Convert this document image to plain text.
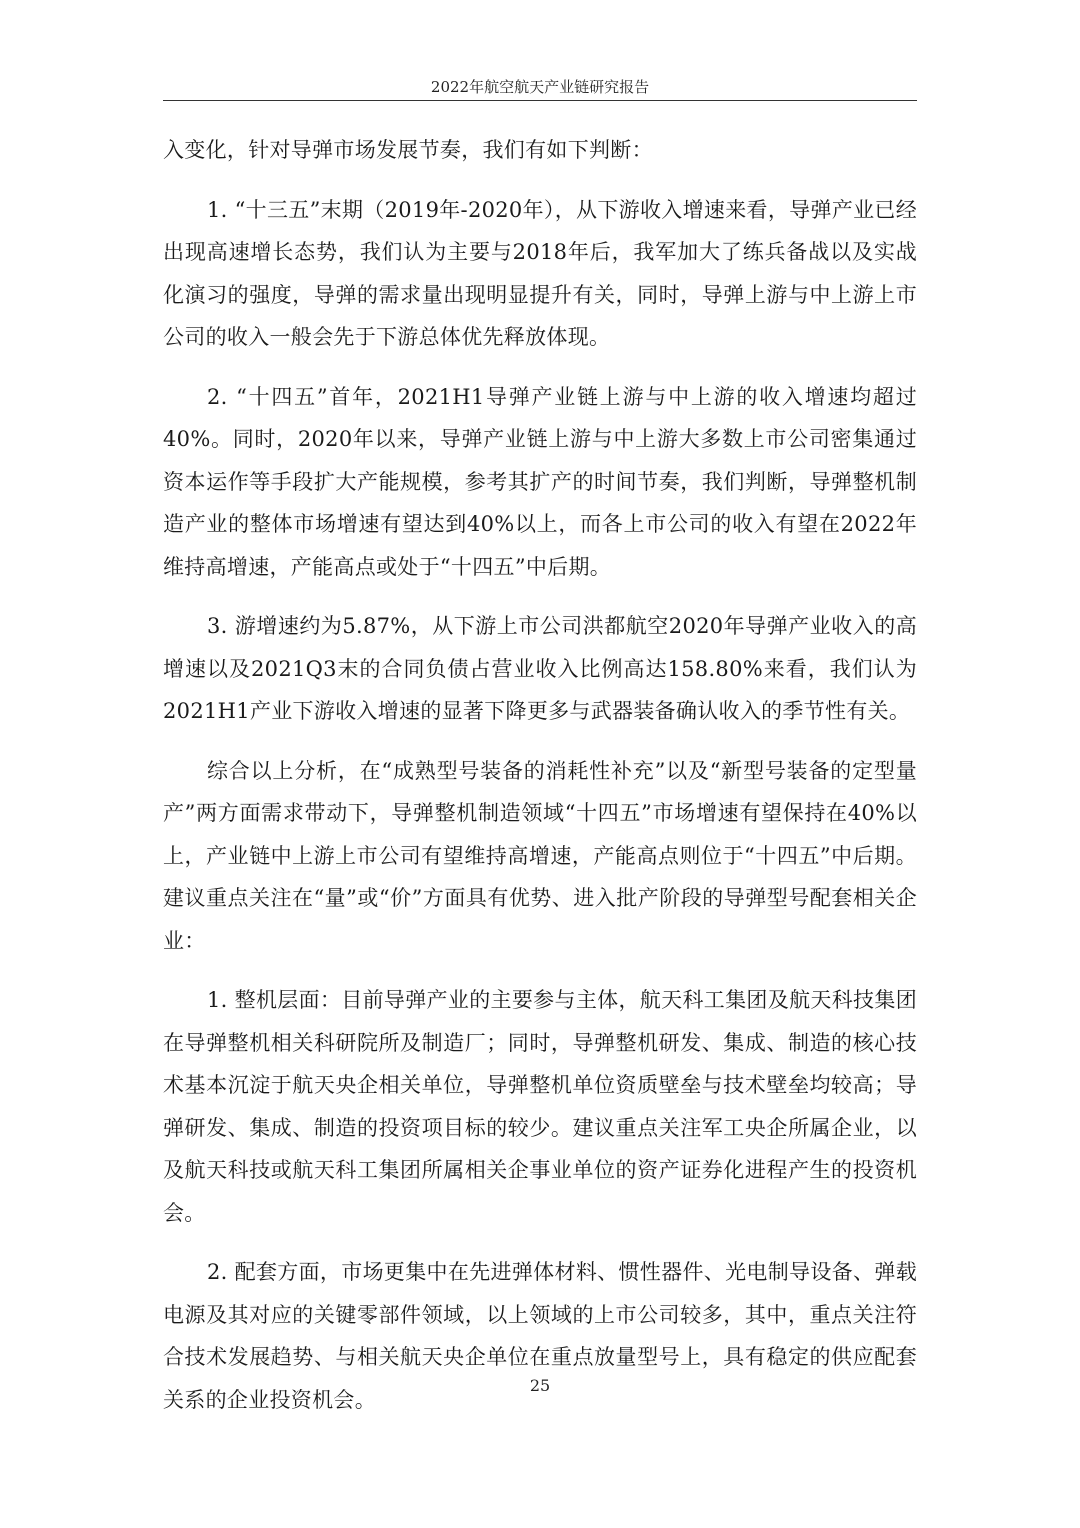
2022年航空航天产业链研究报告

入变化，针对导弹市场发展节奏，我们有如下判断：

1. “十三五”末期（2019年-2020年），从下游收入增速来看，导弹产业已经出现高速增长态势，我们认为主要与2018年后，我军加大了练兵备战以及实战化演习的强度，导弹的需求量出现明显提升有关，同时，导弹上游与中上游上市公司的收入一般会先于下游总体优先释放体现。

2. “十四五”首年，2021H1导弹产业链上游与中上游的收入增速均超过40%。同时，2020年以来，导弹产业链上游与中上游大多数上市公司密集通过资本运作等手段扩大产能规模，参考其扩产的时间节奏，我们判断，导弹整机制造产业的整体市场增速有望达到40%以上，而各上市公司的收入有望在2022年维持高增速，产能高点或处于“十四五”中后期。

3. 游增速约为5.87%，从下游上市公司洪都航空2020年导弹产业收入的高增速以及2021Q3末的合同负债占营业收入比例高达158.80%来看，我们认为2021H1产业下游收入增速的显著下降更多与武器装备确认收入的季节性有关。

综合以上分析，在“成熟型号装备的消耗性补充”以及“新型号装备的定型量产”两方面需求带动下，导弹整机制造领域“十四五”市场增速有望保持在40%以上，产业链中上游上市公司有望维持高增速，产能高点则位于“十四五”中后期。建议重点关注在“量”或“价”方面具有优势、进入批产阶段的导弹型号配套相关企业：

1. 整机层面：目前导弹产业的主要参与主体，航天科工集团及航天科技集团在导弹整机相关科研院所及制造厂；同时，导弹整机研发、集成、制造的核心技术基本沉淀于航天央企相关单位，导弹整机单位资质壁垒与技术壁垒均较高；导弹研发、集成、制造的投资项目标的较少。建议重点关注军工央企所属企业，以及航天科技或航天科工集团所属相关企事业单位的资产证券化进程产生的投资机会。

2. 配套方面，市场更集中在先进弹体材料、惯性器件、光电制导设备、弹载电源及其对应的关键零部件领域，以上领域的上市公司较多，其中，重点关注符合技术发展趋势、与相关航天央企单位在重点放量型号上，具有稳定的供应配套关系的企业投资机会。

25
